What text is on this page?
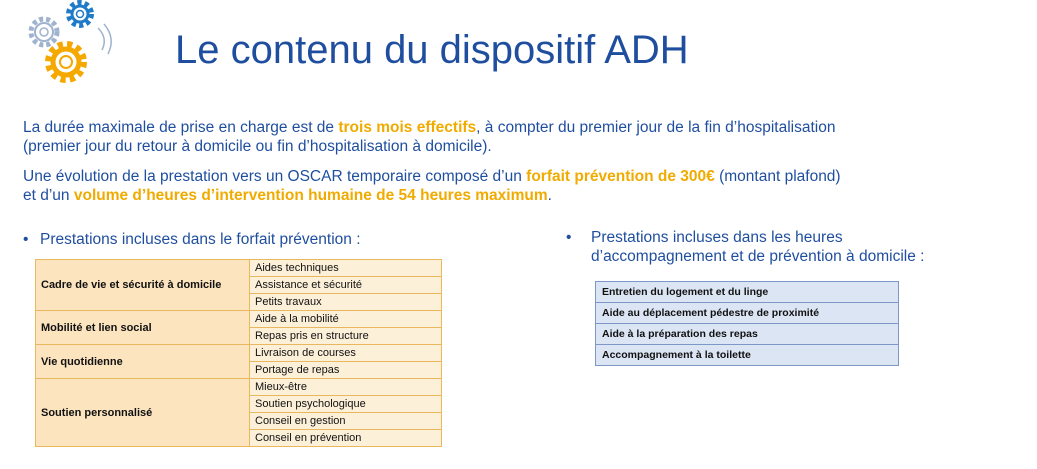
Le contenu du dispositif ADH

La durée maximale de prise en charge est de trois mois effectifs, à compter du premier jour de la fin d’hospitalisation
(premier jour du retour à domicile ou fin d’hospitalisation à domicile).

Une évolution de la prestation vers un OSCAR temporaire composé d’un forfait prévention de 300€ (montant plafond)
et d’un volume d’heures d’intervention humaine de 54 heures maximum.

• Prestations incluses dans le forfait prévention :	•	Prestations incluses dans les heures
d’accompagnement et de prévention à domicile :
Cadre de vie et sécurité à domicile	Aides techniques
	Assistance et sécurité
	Petits travaux
Mobilité et lien social	Aide à la mobilité
	Repas pris en structure
Vie quotidienne	Livraison de courses
	Portage de repas
Soutien personnalisé	Mieux-être
	Soutien psychologique
	Conseil en gestion
	Conseil en prévention
Entretien du logement et du linge
Aide au déplacement pédestre de proximité
Aide à la préparation des repas
Accompagnement à la toilette
